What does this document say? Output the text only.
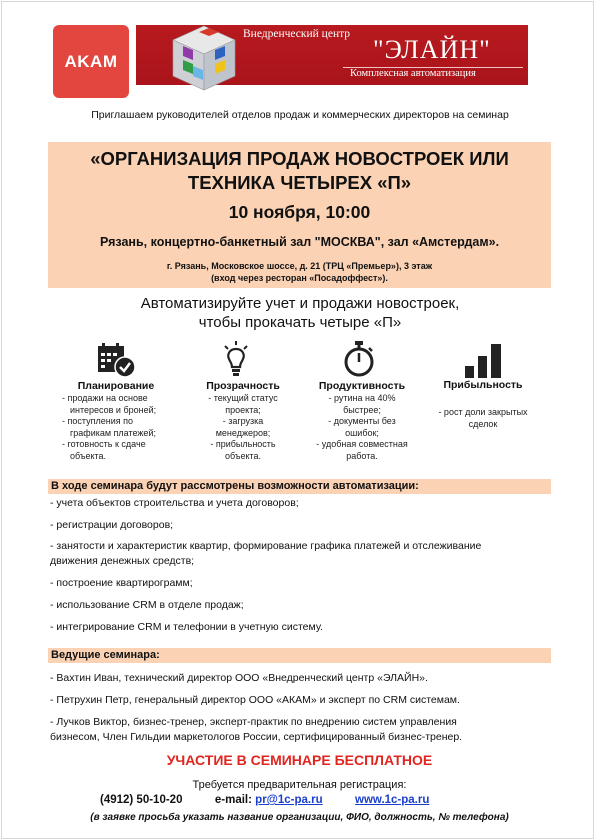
AKAM
Внедренческий центр
"ЭЛАЙН"
Комплексная автоматизация
Приглашаем руководителей отделов продаж и коммерческих директоров на семинар
«ОРГАНИЗАЦИЯ ПРОДАЖ НОВОСТРОЕК ИЛИ
ТЕХНИКА ЧЕТЫРЕХ «П»
10 ноября, 10:00
Рязань, концертно-банкетный зал "МОСКВА", зал «Амстердам».
г. Рязань, Московское шоссе, д. 21 (ТРЦ «Премьер»), 3 этаж
(вход через ресторан «Посадоффест»).
Автоматизируйте учет и продажи новостроек,
чтобы прокачать четыре «П»
Планирование
- продажи на основе
интересов и броней;
- поступления по
графикам платежей;
- готовность к сдаче
объекта.
Прозрачность
- текущий статус
проекта;
- загрузка
менеджеров;
- прибыльность
объекта.
Продуктивность
- рутина на 40%
быстрее;
- документы без
ошибок;
- удобная совместная
работа.
Прибыльность
- рост доли закрытых
сделок
В ходе семинара будут рассмотрены возможности автоматизации:
- учета объектов строительства и учета договоров;
- регистрации договоров;
- занятости и характеристик квартир, формирование графика платежей и отслеживание
движения денежных средств;
- построение квартирограмм;
- использование CRM в отделе продаж;
- интегрирование CRM и телефонии в учетную систему.
Ведущие семинара:
- Вахтин Иван, технический директор ООО «Внедренческий центр «ЭЛАЙН».
- Петрухин Петр, генеральный директор ООО «АКАМ» и эксперт по CRM системам.
- Лучков Виктор, бизнес-тренер, эксперт-практик по внедрению систем управления
бизнесом, Член Гильдии маркетологов России, сертифицированный бизнес-тренер.
УЧАСТИЕ В СЕМИНАРЕ БЕСПЛАТНОЕ
Требуется предварительная регистрация:
(4912) 50-10-20	e-mail: pr@1c-pa.ru	www.1c-pa.ru
(в заявке просьба указать название организации, ФИО, должность, № телефона)
